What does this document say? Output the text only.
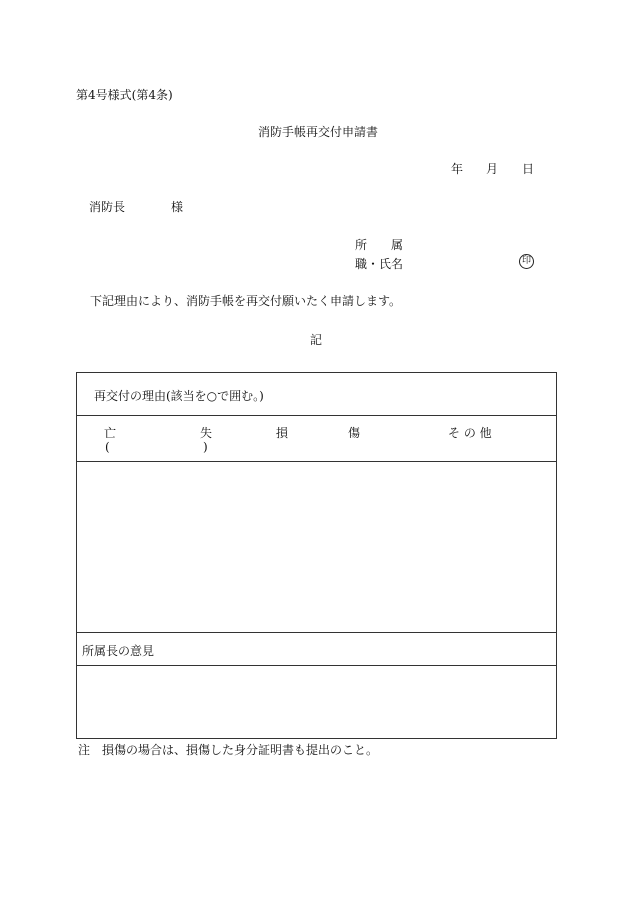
第4号様式(第4条)
消防手帳再交付申請書
年 月 日
消防長	様
所　　属
職・氏名	印
下記理由により、消防手帳を再交付願いたく申請します。
記
再交付の理由(該当を○で囲む。)
亡	失	損	傷	そ の 他
(	)
所属長の意見
注　損傷の場合は、損傷した身分証明書も提出のこと。
